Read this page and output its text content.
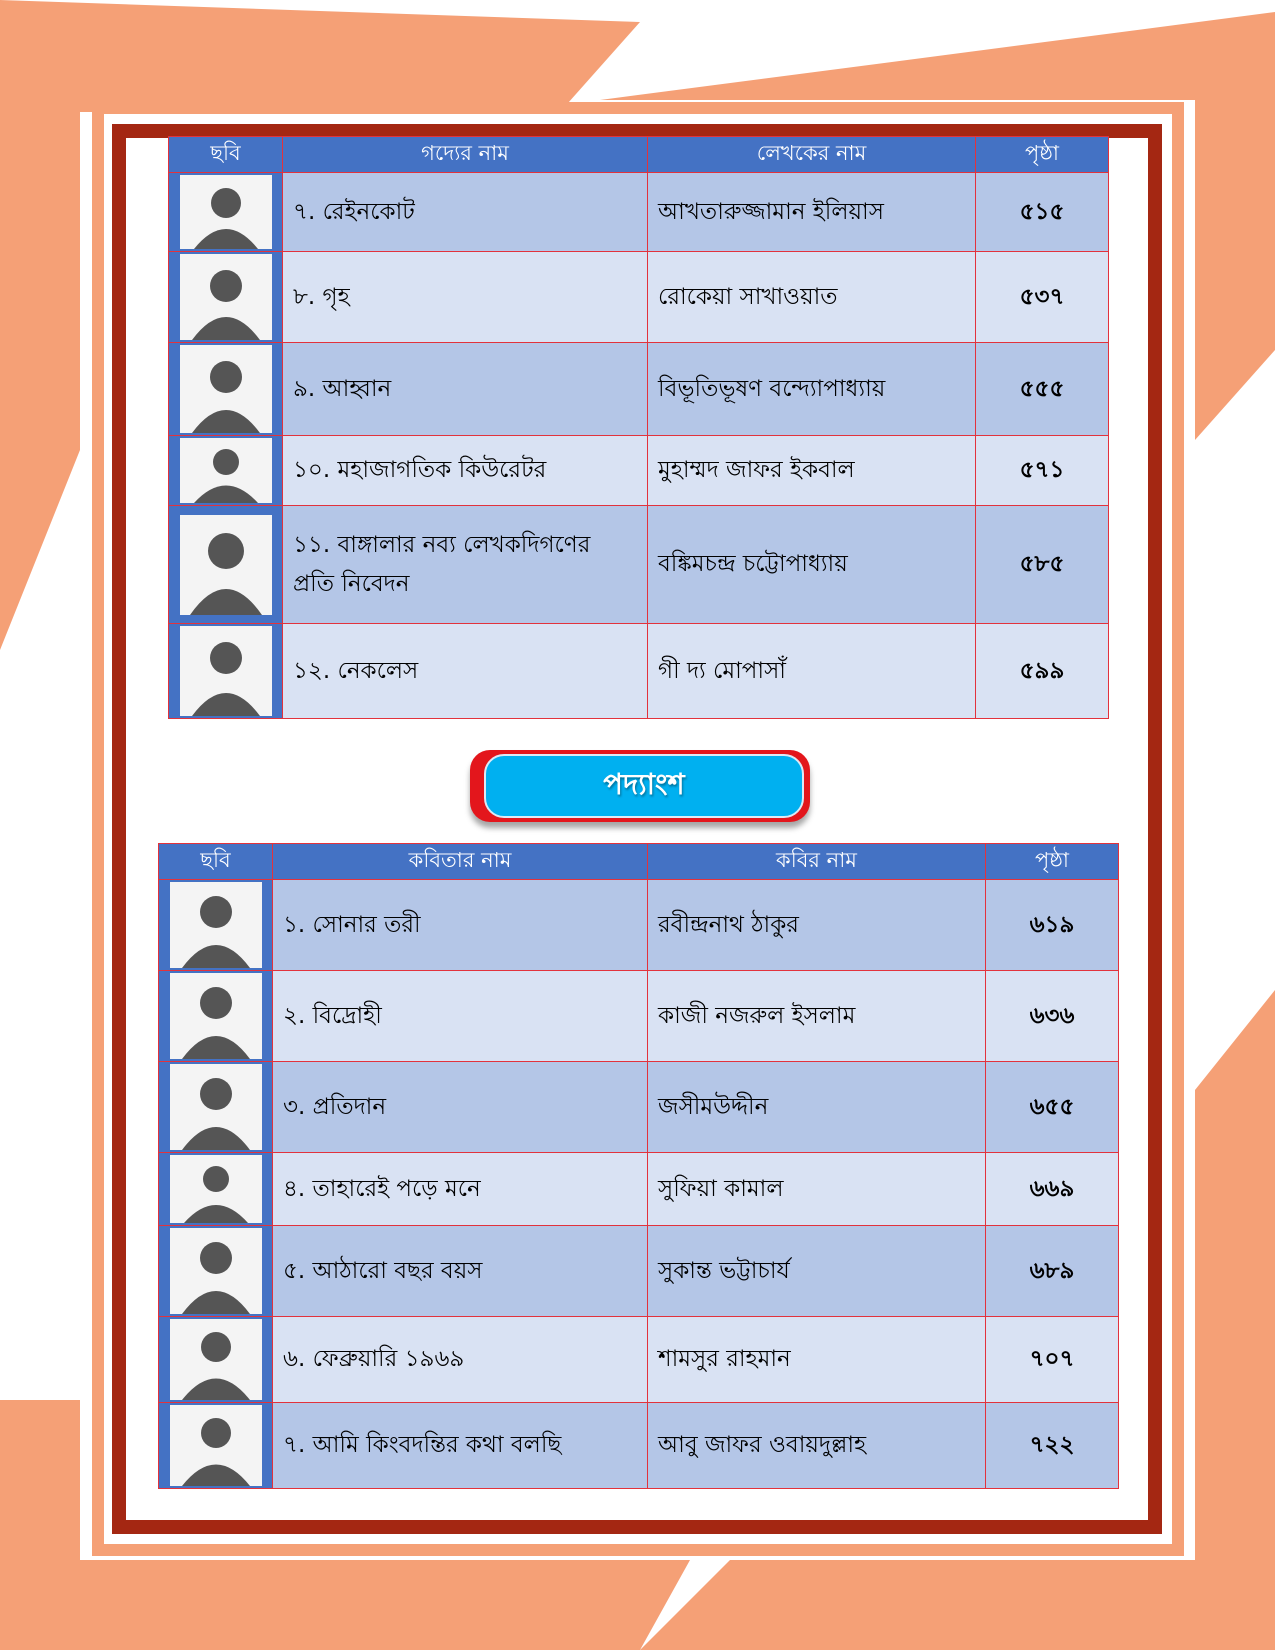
ছবি	গদ্যের নাম	লেখকের নাম	পৃষ্ঠা

	৭. রেইনকোট	আখতারুজ্জামান ইলিয়াস	৫১৫

	৮. গৃহ	রোকেয়া সাখাওয়াত	৫৩৭

	৯. আহ্বান	বিভূতিভূষণ বন্দ্যোপাধ্যায়	৫৫৫

	১০. মহাজাগতিক কিউরেটর	মুহাম্মদ জাফর ইকবাল	৫৭১

	১১. বাঙ্গালার নব্য লেখকদিগণের প্রতি নিবেদন	বঙ্কিমচন্দ্র চট্টোপাধ্যায়	৫৮৫

	১২. নেকলেস	গী দ্য মোপাসাঁ	৫৯৯
পদ্যাংশ
ছবি	কবিতার নাম	কবির নাম	পৃষ্ঠা

	১. সোনার তরী	রবীন্দ্রনাথ ঠাকুর	৬১৯

	২. বিদ্রোহী	কাজী নজরুল ইসলাম	৬৩৬

	৩. প্রতিদান	জসীমউদ্দীন	৬৫৫

	৪. তাহারেই পড়ে মনে	সুফিয়া কামাল	৬৬৯

	৫. আঠারো বছর বয়স	সুকান্ত ভট্টাচার্য	৬৮৯

	৬. ফেব্রুয়ারি ১৯৬৯	শামসুর রাহমান	৭০৭

	৭. আমি কিংবদন্তির কথা বলছি	আবু জাফর ওবায়দুল্লাহ	৭২২
